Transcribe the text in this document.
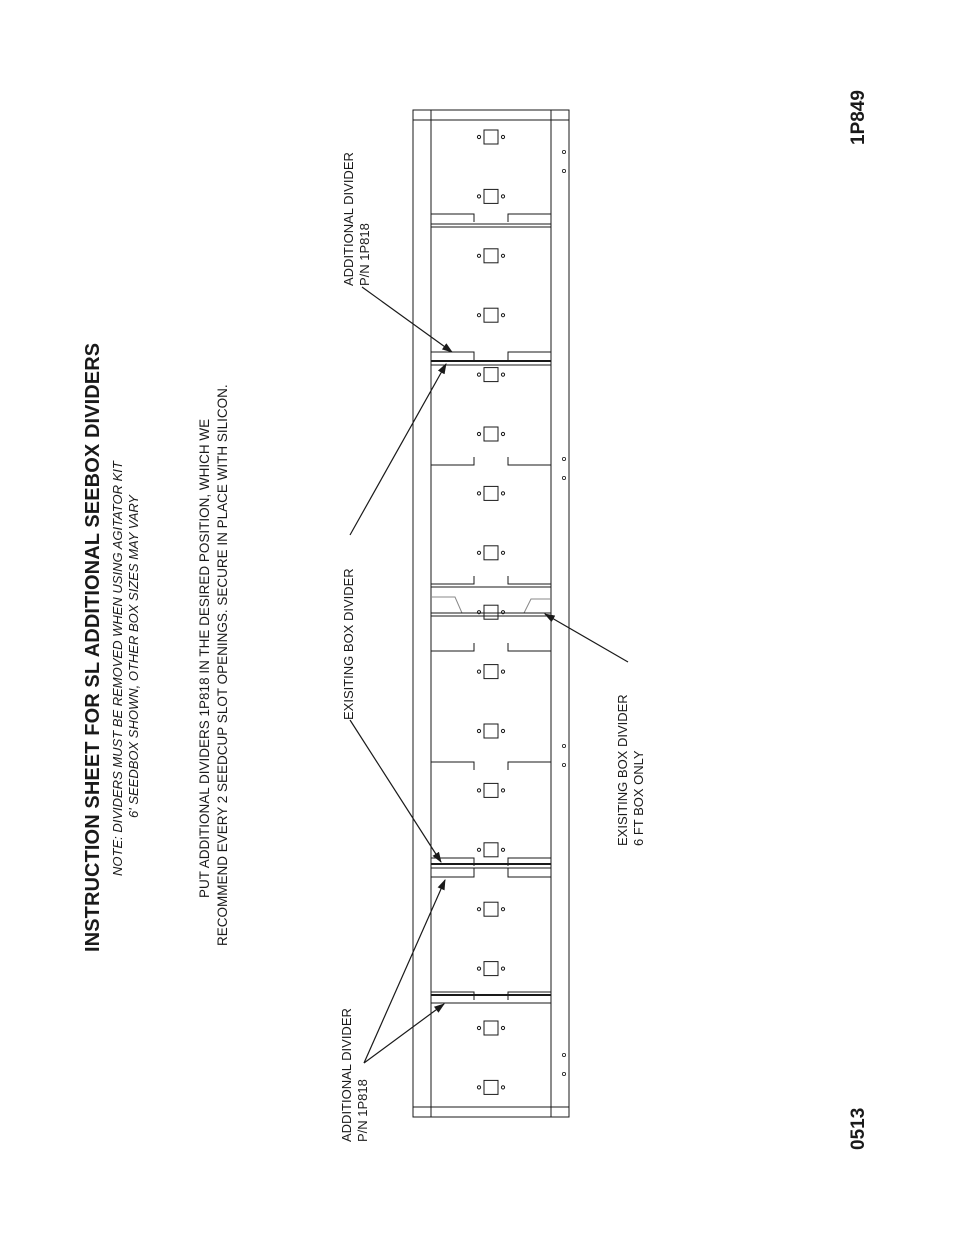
INSTRUCTION SHEET FOR SL ADDITIONAL SEEBOX DIVIDERS NOTE: DIVIDERS MUST BE REMOVED WHEN USING AGITATOR KIT 6' SEEDBOX SHOWN, OTHER BOX SIZES MAY VARY	PUT ADDITIONAL DIVIDERS 1P818 IN THE DESIRED POSITION, WHICH WE RECOMMEND EVERY 2 SEEDCUP SLOT OPENINGS. SECURE IN PLACE WITH SILICON.
1P849
0513
ADDITIONAL DIVIDER P/N 1P818
EXISITING BOX DIVIDER
ADDITIONAL DIVIDER P/N 1P818
EXISITING BOX DIVIDER 6 FT BOX ONLY
